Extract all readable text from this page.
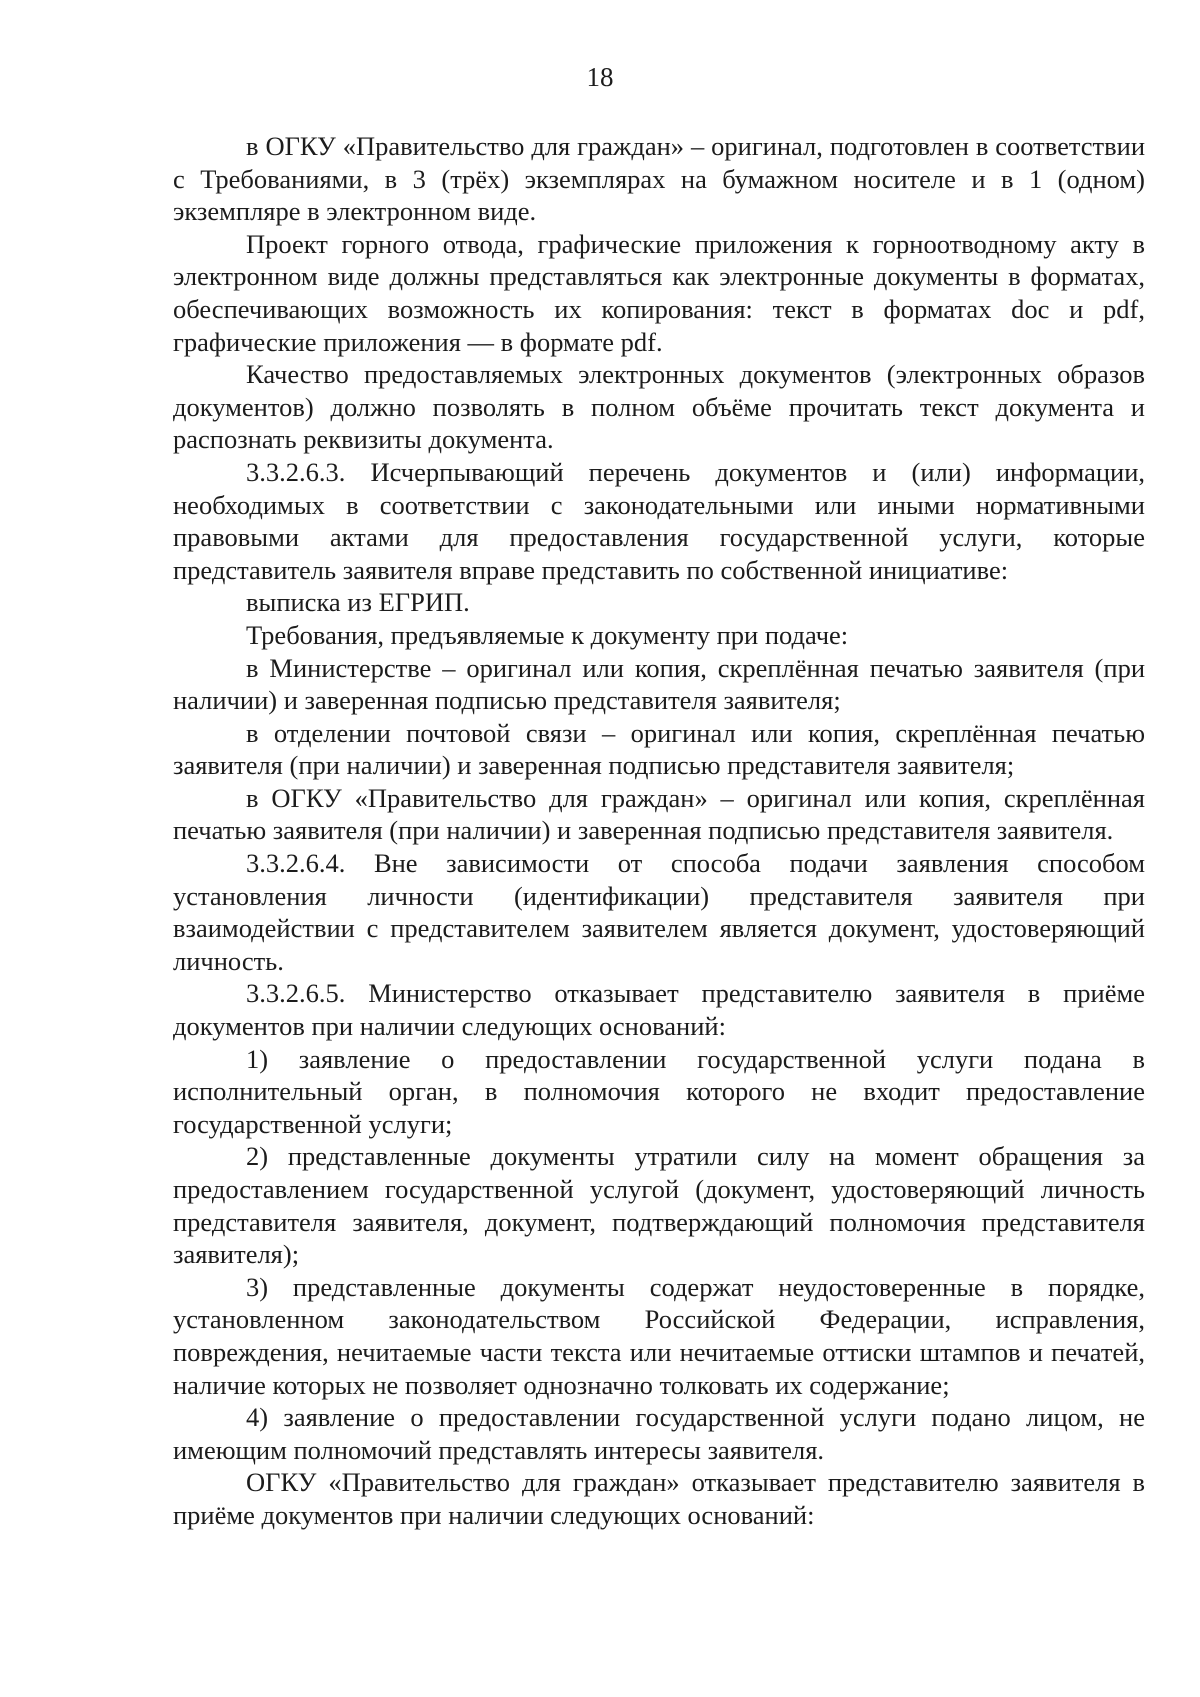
18

в ОГКУ «Правительство для граждан» – оригинал, подготовлен в соответствии с Требованиями, в 3 (трёх) экземплярах на бумажном носителе и в 1 (одном) экземпляре в электронном виде.

Проект горного отвода, графические приложения к горноотводному акту в электронном виде должны представляться как электронные документы в форматах, обеспечивающих возможность их копирования: текст в форматах doc и pdf, графические приложения — в формате pdf.

Качество предоставляемых электронных документов (электронных образов документов) должно позволять в полном объёме прочитать текст документа и распознать реквизиты документа.

3.3.2.6.3. Исчерпывающий перечень документов и (или) информации, необходимых в соответствии с законодательными или иными нормативными правовыми актами для предоставления государственной услуги, которые представитель заявителя вправе представить по собственной инициативе:

выписка из ЕГРИП.

Требования, предъявляемые к документу при подаче:

в Министерстве – оригинал или копия, скреплённая печатью заявителя (при наличии) и заверенная подписью представителя заявителя;

в отделении почтовой связи – оригинал или копия, скреплённая печатью заявителя (при наличии) и заверенная подписью представителя заявителя;

в ОГКУ «Правительство для граждан» – оригинал или копия, скреплённая печатью заявителя (при наличии) и заверенная подписью представителя заявителя.

3.3.2.6.4. Вне зависимости от способа подачи заявления способом установления личности (идентификации) представителя заявителя при взаимодействии с представителем заявителем является документ, удостоверяющий личность.

3.3.2.6.5. Министерство отказывает представителю заявителя в приёме документов при наличии следующих оснований:

1) заявление о предоставлении государственной услуги подана в исполнительный орган, в полномочия которого не входит предоставление государственной услуги;

2) представленные документы утратили силу на момент обращения за предоставлением государственной услугой (документ, удостоверяющий личность представителя заявителя, документ, подтверждающий полномочия представителя заявителя);

3) представленные документы содержат неудостоверенные в порядке, установленном законодательством Российской Федерации, исправления, повреждения, нечитаемые части текста или нечитаемые оттиски штампов и печатей, наличие которых не позволяет однозначно толковать их содержание;

4) заявление о предоставлении государственной услуги подано лицом, не имеющим полномочий представлять интересы заявителя.

ОГКУ «Правительство для граждан» отказывает представителю заявителя в приёме документов при наличии следующих оснований:
